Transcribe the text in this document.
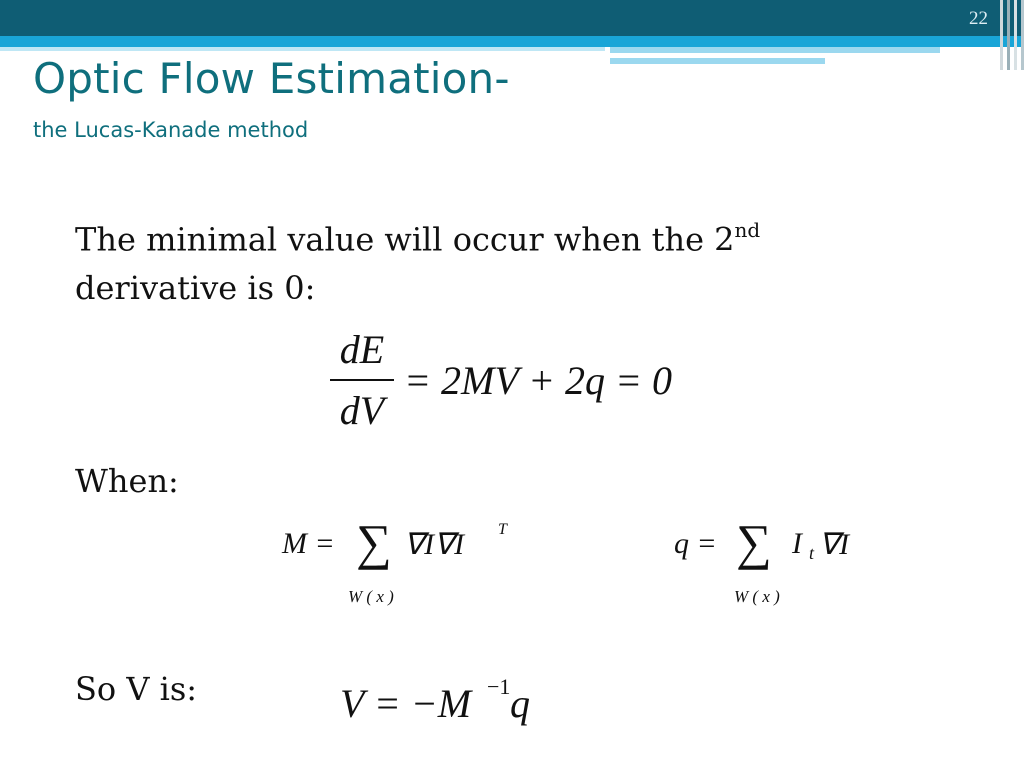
22
Optic Flow Estimation-
the Lucas-Kanade method
The minimal value will occur when the 2nd
derivative is 0:
$\frac{dE}{dV} = 2MV + 2q = 0$
When:
M = ∑
W ( x )
∇I∇I T	q = ∑
W ( x )
I t ∇I
So V is:	V = −M −1 q
